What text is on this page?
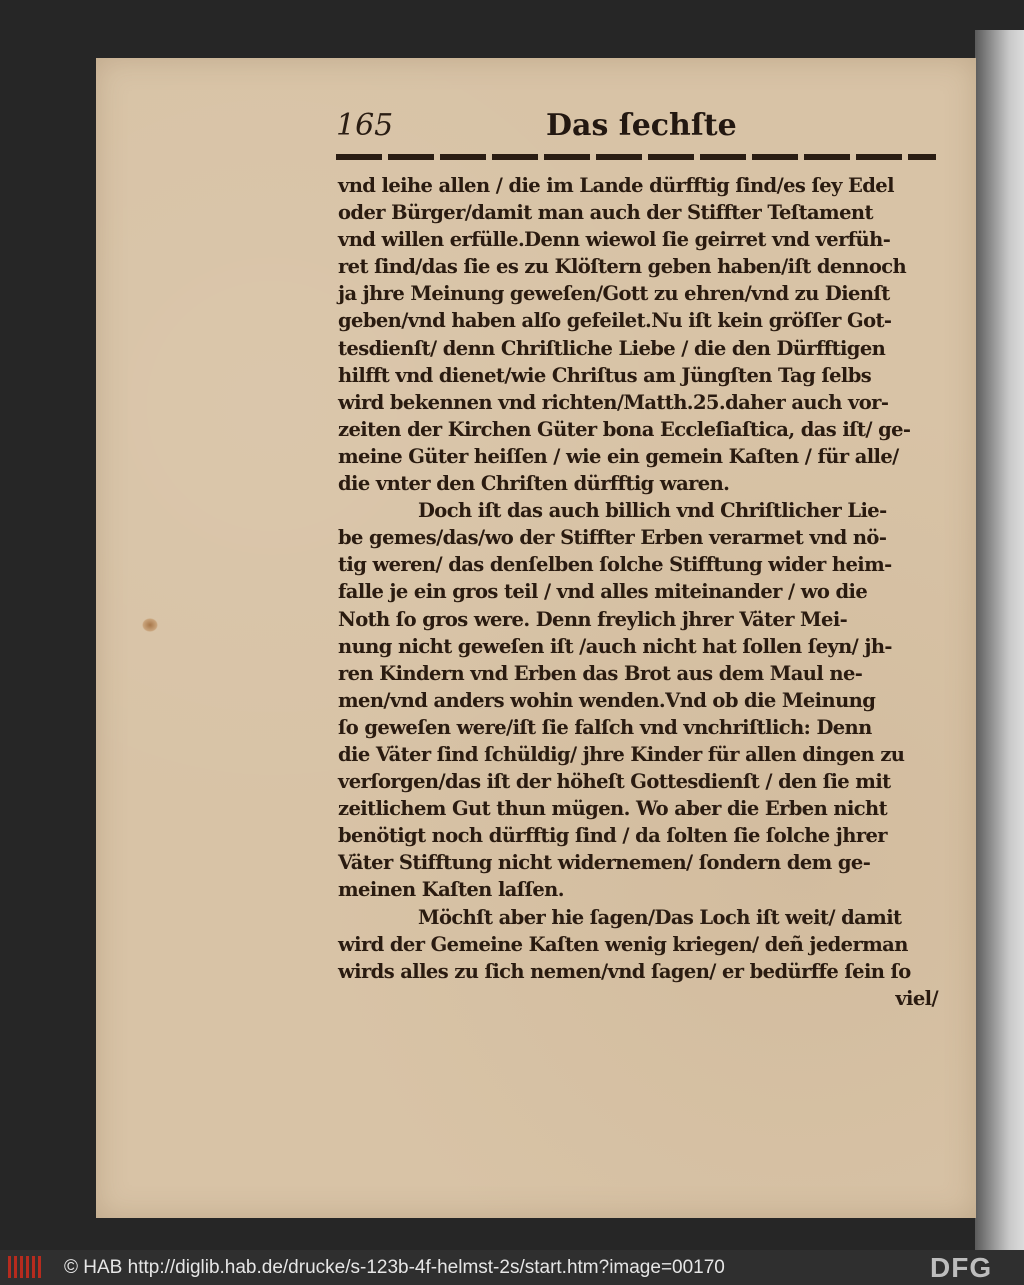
165	Das ſechſte
vnd leihe allen / die im Lande dürfftig ſind/es ſey Edel
oder Bürger/damit man auch der Stiffter Teſtament
vnd willen erfülle.Denn wiewol ſie geirret vnd verfüh-
ret ſind/das ſie es zu Klöſtern geben haben/iſt dennoch
ja jhre Meinung geweſen/Gott zu ehren/vnd zu Dienſt
geben/vnd haben alſo gefeilet.Nu iſt kein gröſſer Got-
tesdienſt/ denn Chriſtliche Liebe / die den Dürfftigen
hilfft vnd dienet/wie Chriſtus am Jüngſten Tag ſelbs
wird bekennen vnd richten/Matth.25.daher auch vor-
zeiten der Kirchen Güter bona Eccleſiaſtica, das iſt/ ge-
meine Güter heiſſen / wie ein gemein Kaſten / für alle/
die vnter den Chriſten dürfftig waren.
Doch iſt das auch billich vnd Chriſtlicher Lie-
be gemes/das/wo der Stiffter Erben verarmet vnd nö-
tig weren/ das denſelben ſolche Stifftung wider heim-
falle je ein gros teil / vnd alles miteinander / wo die
Noth ſo gros were. Denn freylich jhrer Väter Mei-
nung nicht geweſen iſt /auch nicht hat ſollen ſeyn/ jh-
ren Kindern vnd Erben das Brot aus dem Maul ne-
men/vnd anders wohin wenden.Vnd ob die Meinung
ſo geweſen were/iſt ſie falſch vnd vnchriſtlich: Denn
die Väter ſind ſchüldig/ jhre Kinder für allen dingen zu
verſorgen/das iſt der höheſt Gottesdienſt / den ſie mit
zeitlichem Gut thun mügen. Wo aber die Erben nicht
benötigt noch dürfftig ſind / da ſolten ſie ſolche jhrer
Väter Stifftung nicht widernemen/ ſondern dem ge-
meinen Kaſten laſſen.
Möchſt aber hie ſagen/Das Loch iſt weit/ damit
wird der Gemeine Kaſten wenig kriegen/ deñ jederman
wirds alles zu ſich nemen/vnd ſagen/ er bedürffe ſein ſo
viel/
© HAB http://diglib.hab.de/drucke/s-123b-4f-helmst-2s/start.htm?image=00170	DFG
